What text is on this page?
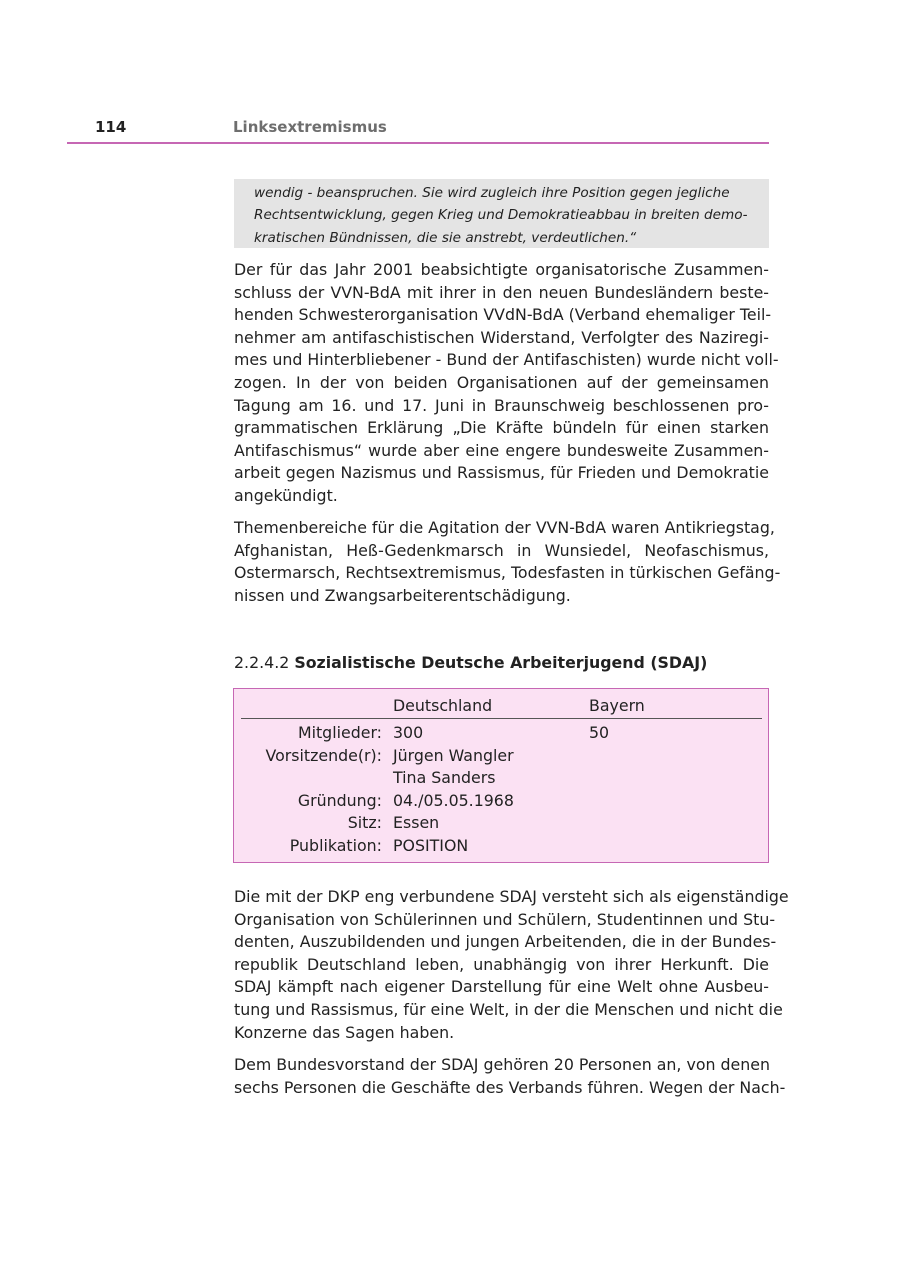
114	Linksextremismus
wendig - beanspruchen. Sie wird zugleich ihre Position gegen jegliche
Rechtsentwicklung, gegen Krieg und Demokratieabbau in breiten demo-
kratischen Bündnissen, die sie anstrebt, verdeutlichen.“
Der für das Jahr 2001 beabsichtigte organisatorische Zusammen-
schluss der VVN-BdA mit ihrer in den neuen Bundesländern beste-
henden Schwesterorganisation VVdN-BdA (Verband ehemaliger Teil-
nehmer am antifaschistischen Widerstand, Verfolgter des Naziregi-
mes und Hinterbliebener - Bund der Antifaschisten) wurde nicht voll-
zogen. In der von beiden Organisationen auf der gemeinsamen
Tagung am 16. und 17. Juni in Braunschweig beschlossenen pro-
grammatischen Erklärung „Die Kräfte bündeln für einen starken
Antifaschismus“ wurde aber eine engere bundesweite Zusammen-
arbeit gegen Nazismus und Rassismus, für Frieden und Demokratie
angekündigt.
Themenbereiche für die Agitation der VVN-BdA waren Antikriegstag,
Afghanistan, Heß-Gedenkmarsch in Wunsiedel, Neofaschismus,
Ostermarsch, Rechtsextremismus, Todesfasten in türkischen Gefäng-
nissen und Zwangsarbeiterentschädigung.
2.2.4.2 Sozialistische Deutsche Arbeiterjugend (SDAJ)
Deutschland	Bayern
Mitglieder: 300	50
Vorsitzende(r): Jürgen Wangler
Tina Sanders
Gründung: 04./05.05.1968
Sitz: Essen
Publikation: POSITION
Die mit der DKP eng verbundene SDAJ versteht sich als eigenständige
Organisation von Schülerinnen und Schülern, Studentinnen und Stu-
denten, Auszubildenden und jungen Arbeitenden, die in der Bundes-
republik Deutschland leben, unabhängig von ihrer Herkunft. Die
SDAJ kämpft nach eigener Darstellung für eine Welt ohne Ausbeu-
tung und Rassismus, für eine Welt, in der die Menschen und nicht die
Konzerne das Sagen haben.
Dem Bundesvorstand der SDAJ gehören 20 Personen an, von denen
sechs Personen die Geschäfte des Verbands führen. Wegen der Nach-
